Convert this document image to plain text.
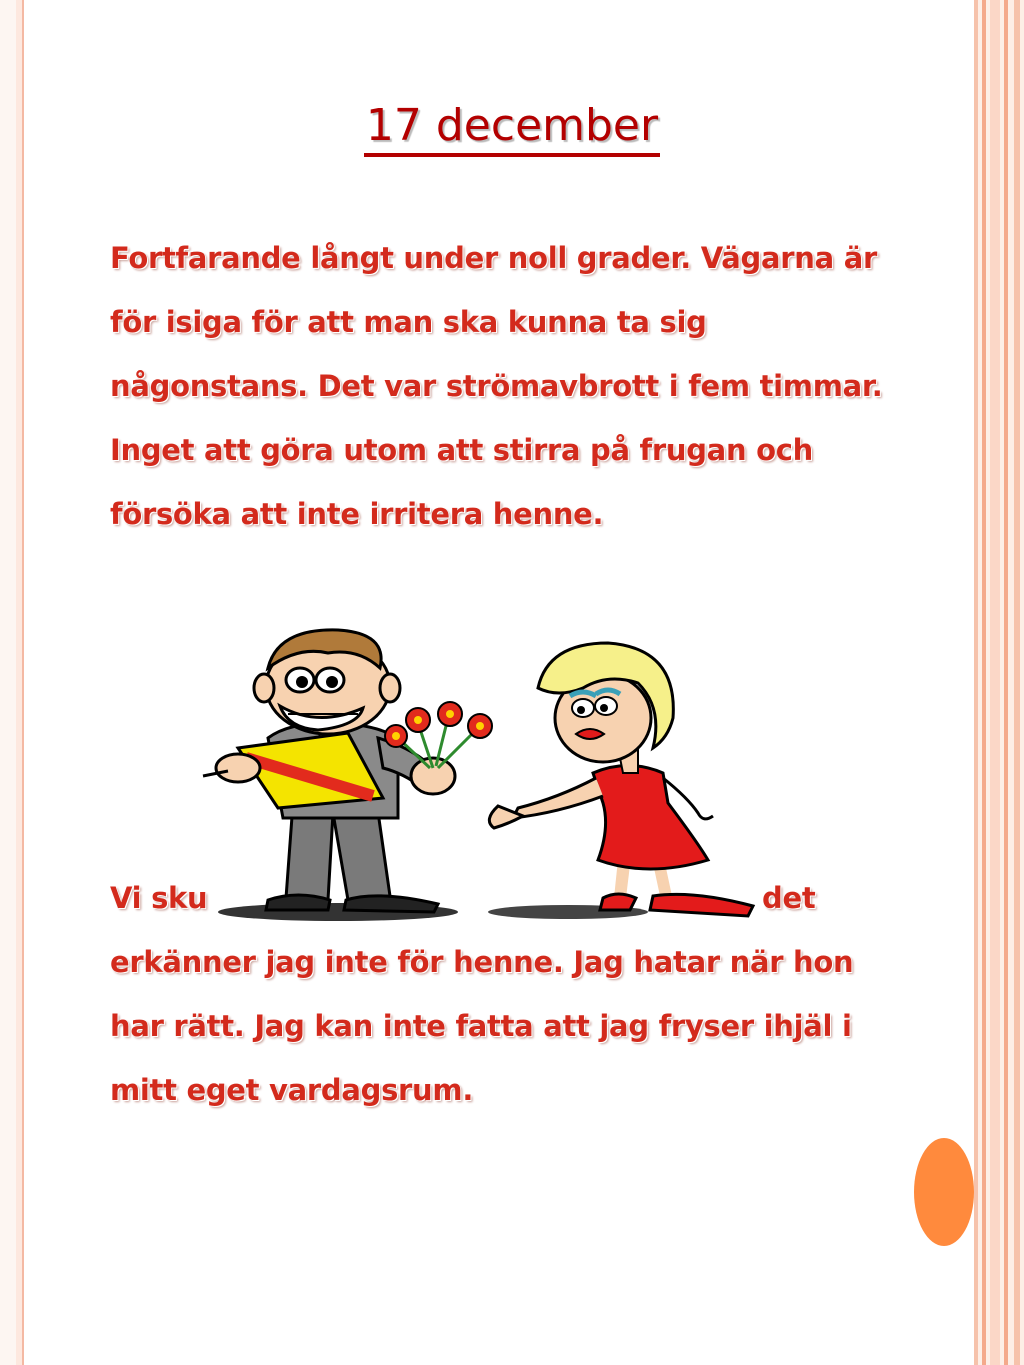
17 december
Fortfarande långt under noll grader. Vägarna är för isiga för att man ska kunna ta sig någonstans. Det var strömavbrott i fem timmar. Inget att göra utom att stirra på frugan och försöka att inte irritera henne.
Vi sku	det
erkänner jag inte för henne. Jag hatar när hon
har rätt. Jag kan inte fatta att jag fryser ihjäl i
mitt eget vardagsrum.
